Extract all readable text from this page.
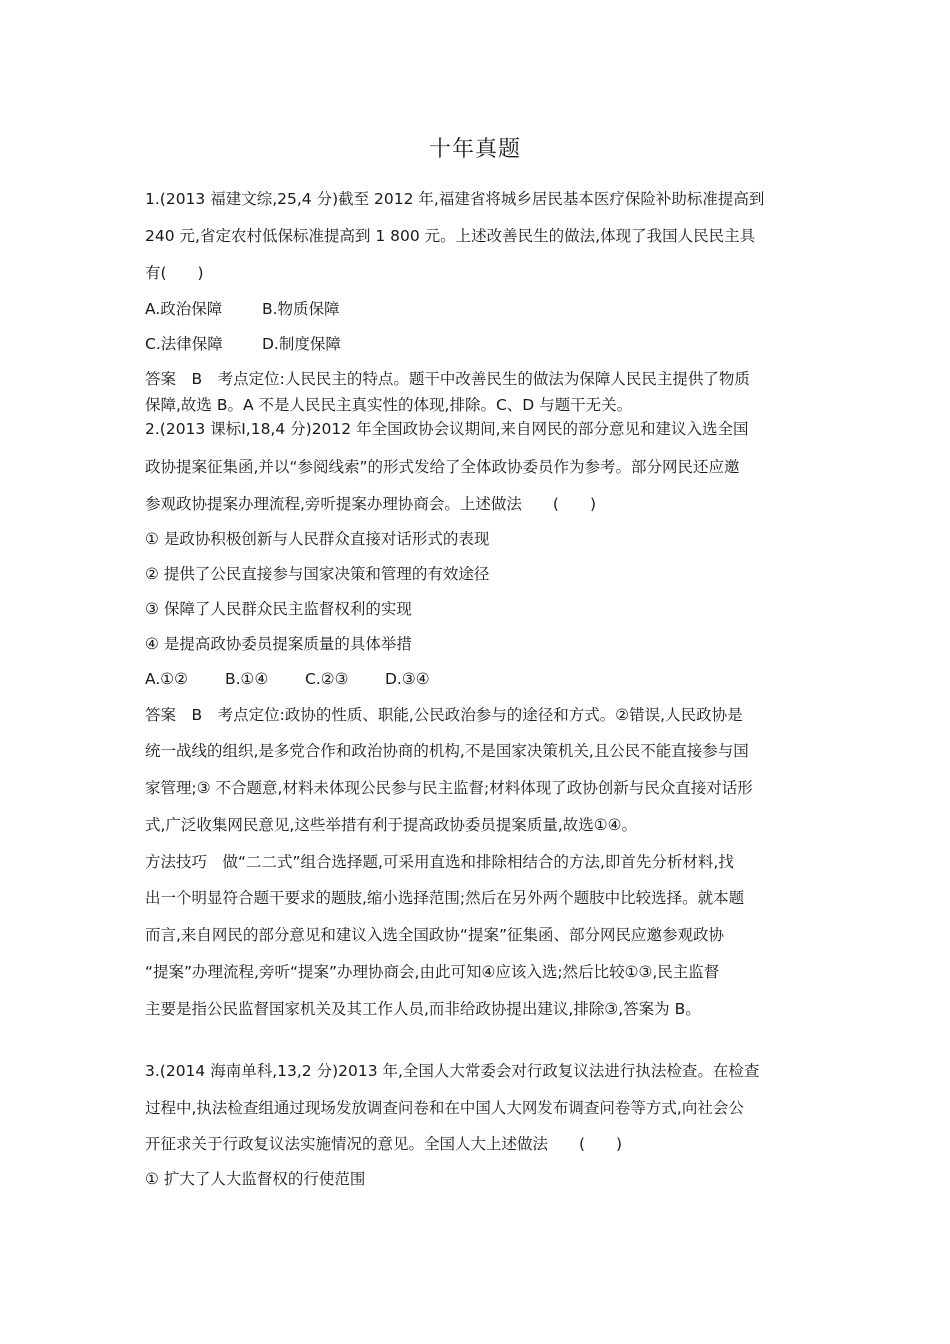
十年真题
1.(2013 福建文综,25,4 分)截至 2012 年,福建省将城乡居民基本医疗保险补助标准提高到
240 元,省定农村低保标准提高到 1 800 元。上述改善民生的做法,体现了我国人民民主具
有(　　)
A.政治保障	B.物质保障
C.法律保障	D.制度保障
答案　B　考点定位:人民民主的特点。题干中改善民生的做法为保障人民民主提供了物质
保障,故选 B。A 不是人民民主真实性的体现,排除。C、D 与题干无关。
2.(2013 课标Ⅰ,18,4 分)2012 年全国政协会议期间,来自网民的部分意见和建议入选全国
政协提案征集函,并以“参阅线索”的形式发给了全体政协委员作为参考。部分网民还应邀
参观政协提案办理流程,旁听提案办理协商会。上述做法　　(　　)
① 是政协积极创新与人民群众直接对话形式的表现
② 提供了公民直接参与国家决策和管理的有效途径
③ 保障了人民群众民主监督权利的实现
④ 是提高政协委员提案质量的具体举措
A.①② B.①④ C.②③ D.③④
答案　B　考点定位:政协的性质、职能,公民政治参与的途径和方式。②错误,人民政协是
统一战线的组织,是多党合作和政治协商的机构,不是国家决策机关,且公民不能直接参与国
家管理;③ 不合题意,材料未体现公民参与民主监督;材料体现了政协创新与民众直接对话形
式,广泛收集网民意见,这些举措有利于提高政协委员提案质量,故选①④。
方法技巧　做“二二式”组合选择题,可采用直选和排除相结合的方法,即首先分析材料,找
出一个明显符合题干要求的题肢,缩小选择范围;然后在另外两个题肢中比较选择。就本题
而言,来自网民的部分意见和建议入选全国政协“提案”征集函、部分网民应邀参观政协
“提案”办理流程,旁听“提案”办理协商会,由此可知④应该入选;然后比较①③,民主监督
主要是指公民监督国家机关及其工作人员,而非给政协提出建议,排除③,答案为 B。
3.(2014 海南单科,13,2 分)2013 年,全国人大常委会对行政复议法进行执法检查。在检查
过程中,执法检查组通过现场发放调查问卷和在中国人大网发布调查问卷等方式,向社会公
开征求关于行政复议法实施情况的意见。全国人大上述做法　　(　　)
① 扩大了人大监督权的行使范围
